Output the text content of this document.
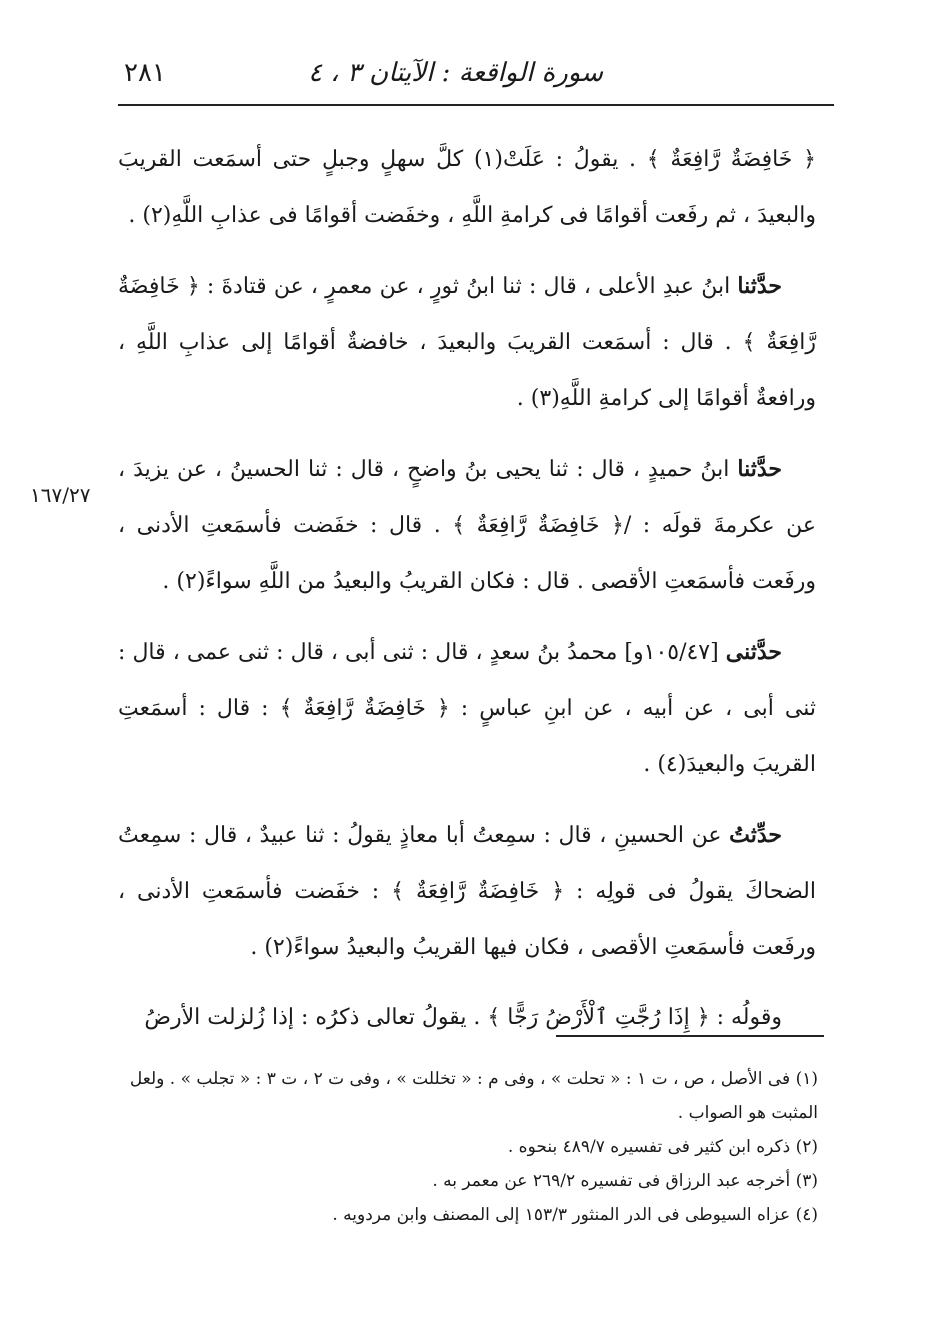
٢٨١	سورة الواقعة : الآيتان ٣ ، ٤
١٦٧/٢٧

﴿ خَافِضَةٌ رَّافِعَةٌ ﴾ . يقولُ : عَلَتْ(١) كلَّ سهلٍ وجبلٍ حتى أسمَعت القريبَ والبعيدَ ، ثم رفَعت أقوامًا فى كرامةِ اللَّهِ ، وخفَضت أقوامًا فى عذابِ اللَّهِ(٢) .

حدَّثنا ابنُ عبدِ الأعلى ، قال : ثنا ابنُ ثورٍ ، عن معمرٍ ، عن قتادةَ : ﴿ خَافِضَةٌ رَّافِعَةٌ ﴾ . قال : أسمَعت القريبَ والبعيدَ ، خافضةٌ أقوامًا إلى عذابِ اللَّهِ ، ورافعةٌ أقوامًا إلى كرامةِ اللَّهِ(٣) .

حدَّثنا ابنُ حميدٍ ، قال : ثنا يحيى بنُ واضحٍ ، قال : ثنا الحسينُ ، عن يزيدَ ، عن عكرمةَ قولَه : /﴿ خَافِضَةٌ رَّافِعَةٌ ﴾ . قال : خفَضت فأسمَعتِ الأدنى ، ورفَعت فأسمَعتِ الأقصى . قال : فكان القريبُ والبعيدُ من اللَّهِ سواءً(٢) .

حدَّثنى [١٠٥/٤٧و] محمدُ بنُ سعدٍ ، قال : ثنى أبى ، قال : ثنى عمى ، قال : ثنى أبى ، عن أبيه ، عن ابنِ عباسٍ : ﴿ خَافِضَةٌ رَّافِعَةٌ ﴾ : قال : أسمَعتِ القريبَ والبعيدَ(٤) .

حدِّثتُ عن الحسينِ ، قال : سمِعتُ أبا معاذٍ يقولُ : ثنا عبيدٌ ، قال : سمِعتُ الضحاكَ يقولُ فى قولِه : ﴿ خَافِضَةٌ رَّافِعَةٌ ﴾ : خفَضت فأسمَعتِ الأدنى ، ورفَعت فأسمَعتِ الأقصى ، فكان فيها القريبُ والبعيدُ سواءً(٢) .

وقولُه : ﴿ إِذَا رُجَّتِ ٱلْأَرْضُ رَجًّا ﴾ . يقولُ تعالى ذكرُه : إذا زُلزلت الأرضُ

(١) فى الأصل ، ص ، ت ١ : « تحلت » ، وفى م : « تخللت » ، وفى ت ٢ ، ت ٣ : « تجلب » . ولعل المثبت هو الصواب .

(٢) ذكره ابن كثير فى تفسيره ٤٨٩/٧ بنحوه .

(٣) أخرجه عبد الرزاق فى تفسيره ٢٦٩/٢ عن معمر به .

(٤) عزاه السيوطى فى الدر المنثور ١٥٣/٣ إلى المصنف وابن مردويه .
